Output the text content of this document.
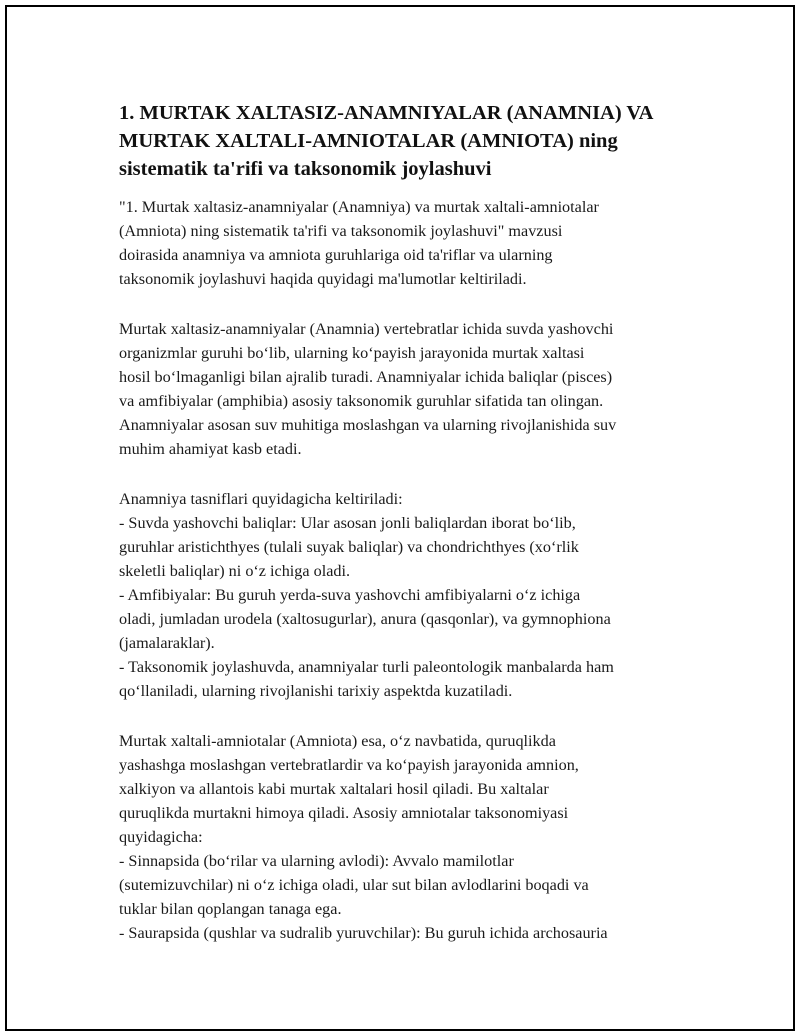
1. MURTAK XALTASIZ-ANAMNIYALAR (ANAMNIA) VA
MURTAK XALTALI-AMNIOTALAR (AMNIOTA) ning
sistematik ta'rifi va taksonomik joylashuvi

"1. Murtak xaltasiz-anamniyalar (Anamniya) va murtak xaltali-amniotalar
(Amniota) ning sistematik ta'rifi va taksonomik joylashuvi" mavzusi
doirasida anamniya va amniota guruhlariga oid ta'riflar va ularning
taksonomik joylashuvi haqida quyidagi ma'lumotlar keltiriladi.

Murtak xaltasiz-anamniyalar (Anamnia) vertebratlar ichida suvda yashovchi
organizmlar guruhi bo‘lib, ularning ko‘payish jarayonida murtak xaltasi
hosil bo‘lmaganligi bilan ajralib turadi. Anamniyalar ichida baliqlar (pisces)
va amfibiyalar (amphibia) asosiy taksonomik guruhlar sifatida tan olingan.
Anamniyalar asosan suv muhitiga moslashgan va ularning rivojlanishida suv
muhim ahamiyat kasb etadi.

Anamniya tasniflari quyidagicha keltiriladi:
- Suvda yashovchi baliqlar: Ular asosan jonli baliqlardan iborat bo‘lib,
guruhlar aristichthyes (tulali suyak baliqlar) va chondrichthyes (xo‘rlik
skeletli baliqlar) ni o‘z ichiga oladi.
- Amfibiyalar: Bu guruh yerda-suva yashovchi amfibiyalarni o‘z ichiga
oladi, jumladan urodela (xaltosugurlar), anura (qasqonlar), va gymnophiona
(jamalaraklar).
- Taksonomik joylashuvda, anamniyalar turli paleontologik manbalarda ham
qo‘llaniladi, ularning rivojlanishi tarixiy aspektda kuzatiladi.

Murtak xaltali-amniotalar (Amniota) esa, o‘z navbatida, quruqlikda
yashashga moslashgan vertebratlardir va ko‘payish jarayonida amnion,
xalkiyon va allantois kabi murtak xaltalari hosil qiladi. Bu xaltalar
quruqlikda murtakni himoya qiladi. Asosiy amniotalar taksonomiyasi
quyidagicha:
- Sinnapsida (bo‘rilar va ularning avlodi): Avvalo mamilotlar
(sutemizuvchilar) ni o‘z ichiga oladi, ular sut bilan avlodlarini boqadi va
tuklar bilan qoplangan tanaga ega.
- Saurapsida (qushlar va sudralib yuruvchilar): Bu guruh ichida archosauria
